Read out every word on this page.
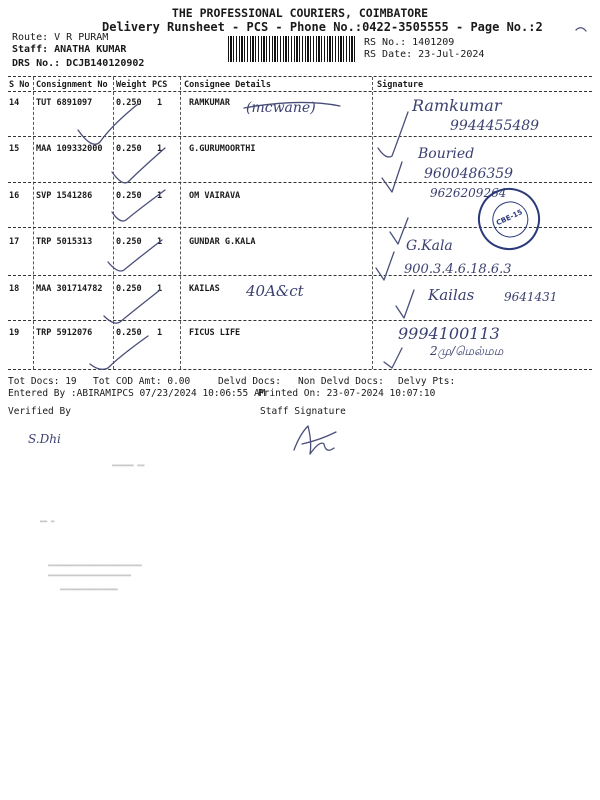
THE PROFESSIONAL COURIERS, COIMBATORE
Delivery Runsheet - PCS - Phone No.:0422-3505555 - Page No.:2
Route: V R PURAM
Staff: ANATHA KUMAR
DRS No.: DCJB140120902
RS No.: 1401209
RS Date: 23-Jul-2024
S No Consignment No Weight PCS Consignee Details	Signature
14 TUT 6891097	0.250 1	RAMKUMAR (mcwane)	Ramkumar
9944455489
15 MAA 109332000 0.250 1	G.GURUMOORTHI	Bouried
9600486359
16 SVP 1541286	0.250 1	OM VAIRAVA	9626209264
CBE-15
17 TRP 5015313	0.250 1	GUNDAR G.KALA	G.Kala
900.3.4.6.18.6.3
18 MAA 301714782 0.250 1	KAILAS 40A&ct	Kailas 9641431
19 TRP 5912076	0.250 1	FICUS LIFE	9994100113
2மு/மெல்மம
Tot Docs: 19 Tot COD Amt: 0.00	Delvd Docs: Non Delvd Docs: Delvy Pts:
Entered By :ABIRAMIPCS 07/23/2024 10:06:55 AM
Printed On: 23-07-2024 10:07:10
Verified By	Staff Signature
S.Dhi
▬▬▬▬▬▬ ▬▬
▬▬ ▬
▬▬▬▬▬▬▬▬▬▬▬▬▬▬▬▬▬▬▬▬▬▬▬▬▬▬
▬▬▬▬▬▬▬▬▬▬▬▬▬▬▬▬▬▬▬▬▬▬▬
▬▬▬▬▬▬▬▬▬▬▬▬▬▬▬▬
